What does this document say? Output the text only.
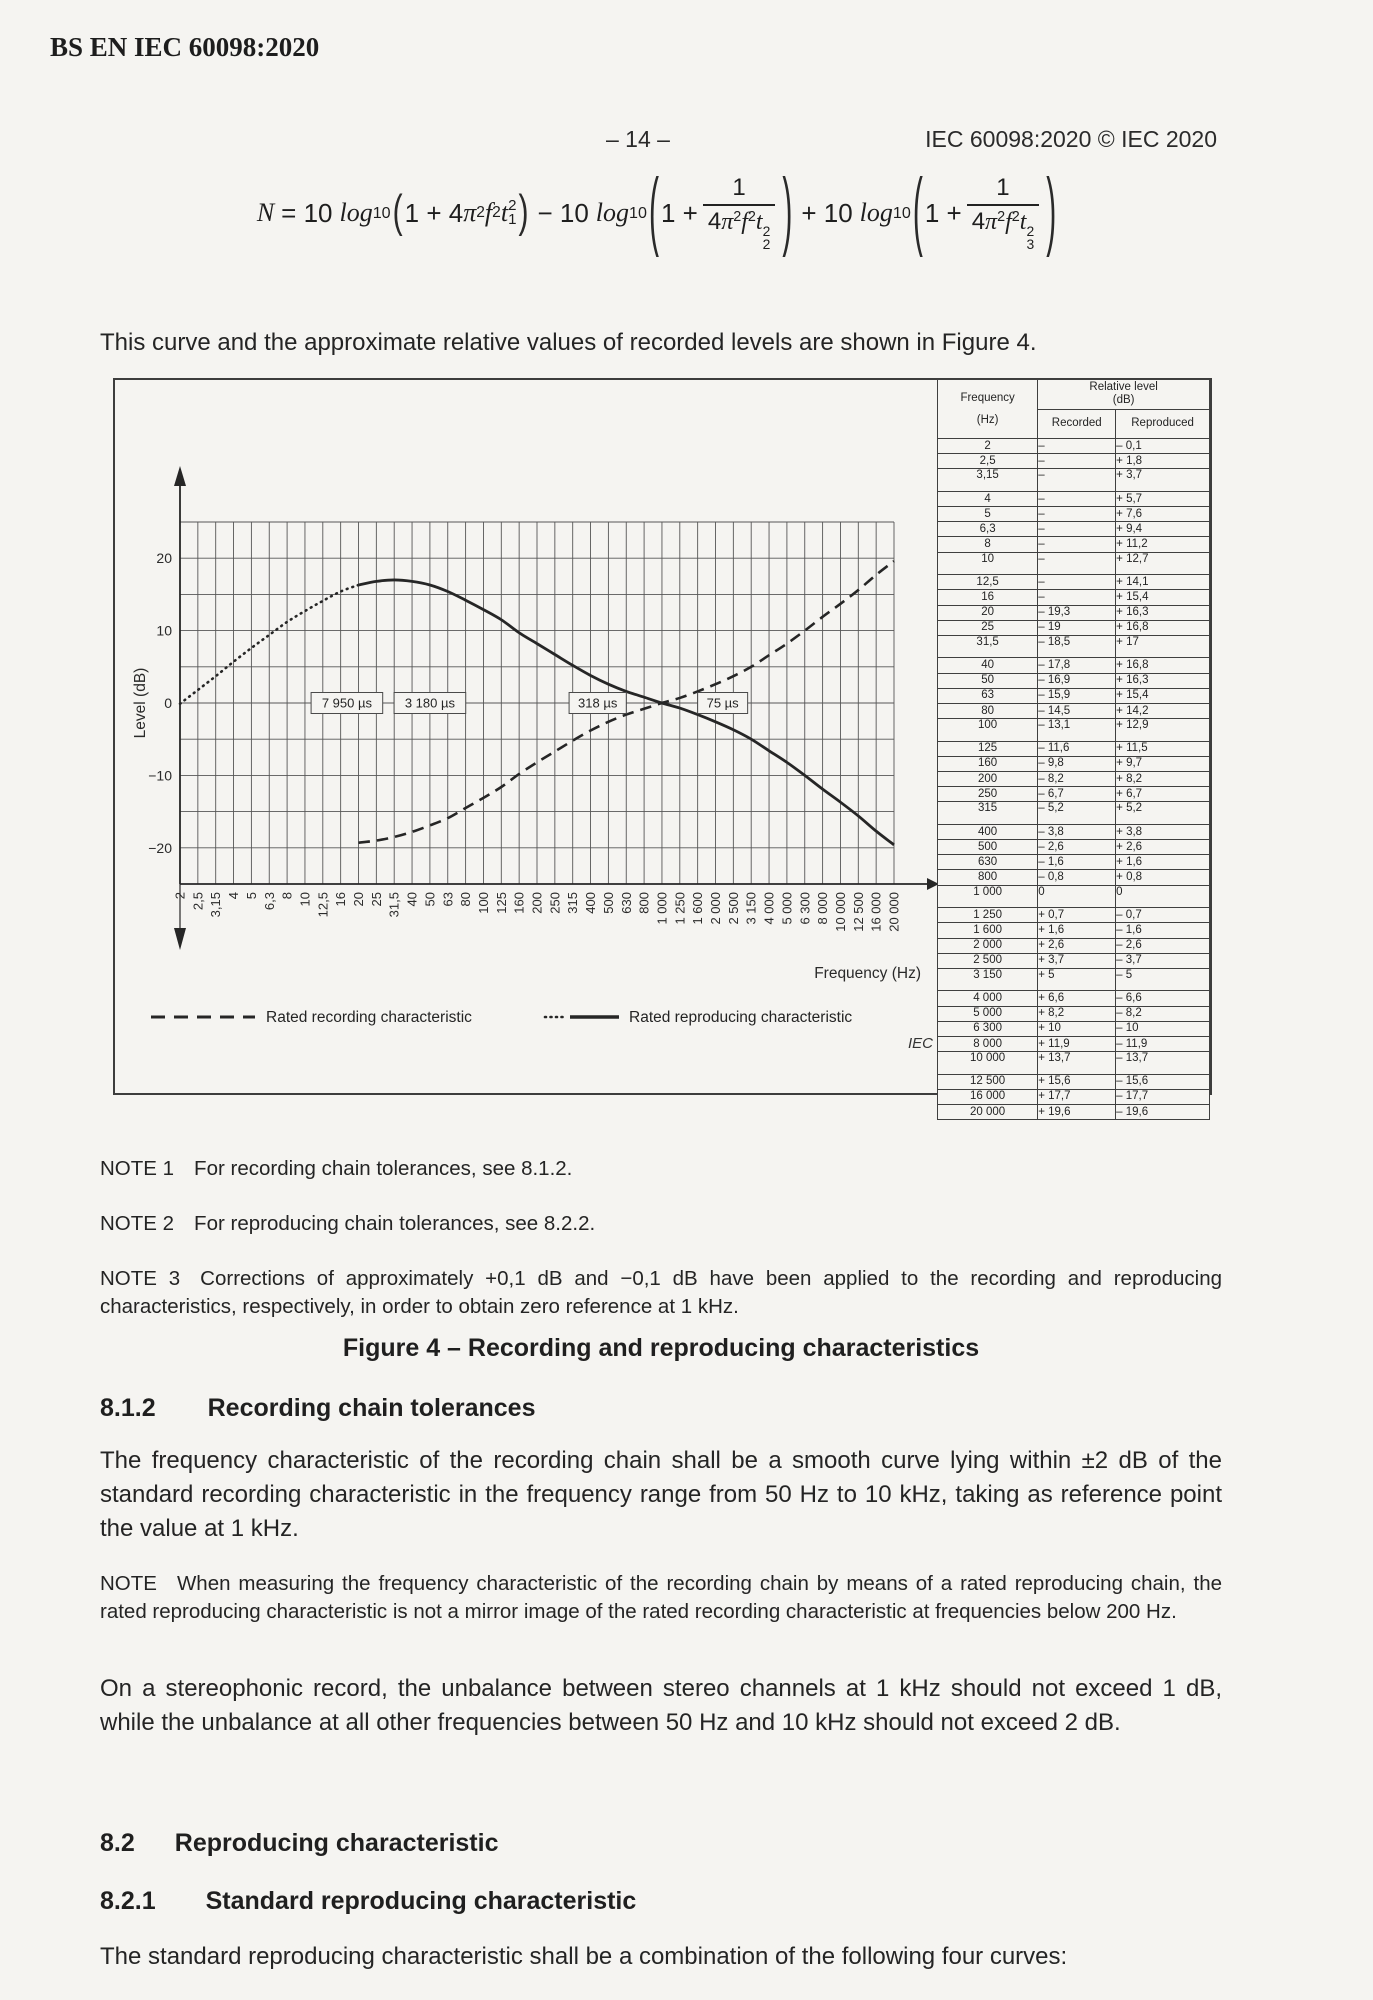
BS EN IEC 60098:2020
– 14 –	IEC 60098:2020 © IEC 2020
N = 10 log 10 ( 1 + 4 π 2 f 2 t 2
1 ) − 10 log 10 ( 1 + 1
$4\pi^2f^2t$ 2
2 ) + 10 log 10 ( 1 + 1
$4\pi^2f^2t$ 2
3 )
This curve and the approximate relative values of recorded levels are shown in Figure 4.
20
10
0
−10
−20
Level (dB)
2 2,5 3,15 4 5 6,3 8 10 12,5 16 20 25 31,5 40 50 63 80 100 125 160 200 250 315 400 500 630 800 1 000 1 250 1 600 2 000 2 500 3 150 4 000 5 000 6 300 8 000 10 000 12 500 16 000 20 000
Frequency (Hz)
7 950 µs	3 180 µs	318 µs	75 µs
Rated recording characteristic	Rated reproducing characteristic
IEC
Frequency
(Hz)

Relative level
(dB)

	Recorded	Reproduced
2	–	– 0,1
2,5	–	+ 1,8
3,15	–	+ 3,7
4	–	+ 5,7
5	–	+ 7,6
6,3	–	+ 9,4
8	–	+ 11,2
10	–	+ 12,7
12,5	–	+ 14,1
16	–	+ 15,4
20	– 19,3	+ 16,3
25	– 19	+ 16,8
31,5	– 18,5	+ 17
40	– 17,8	+ 16,8
50	– 16,9	+ 16,3
63	– 15,9	+ 15,4
80	– 14,5	+ 14,2
100	– 13,1	+ 12,9
125	– 11,6	+ 11,5
160	– 9,8	+ 9,7
200	– 8,2	+ 8,2
250	– 6,7	+ 6,7
315	– 5,2	+ 5,2
400	– 3,8	+ 3,8
500	– 2,6	+ 2,6
630	– 1,6	+ 1,6
800	– 0,8	+ 0,8
1 000	0	0
1 250	+ 0,7	– 0,7
1 600	+ 1,6	– 1,6
2 000	+ 2,6	– 2,6
2 500	+ 3,7	– 3,7
3 150	+ 5	– 5
4 000	+ 6,6	– 6,6
5 000	+ 8,2	– 8,2
6 300	+ 10	– 10
8 000	+ 11,9	– 11,9
10 000	+ 13,7	– 13,7
12 500	+ 15,6	– 15,6
16 000	+ 17,7	– 17,7
20 000	+ 19,6	– 19,6
NOTE 1 For recording chain tolerances, see 8.1.2.
NOTE 2 For reproducing chain tolerances, see 8.2.2.
NOTE 3 Corrections of approximately +0,1 dB and −0,1 dB have been applied to the recording and reproducing characteristics, respectively, in order to obtain zero reference at 1 kHz.
Figure 4 – Recording and reproducing characteristics
8.1.2 Recording chain tolerances
The frequency characteristic of the recording chain shall be a smooth curve lying within ±2 dB of the standard recording characteristic in the frequency range from 50 Hz to 10 kHz, taking as reference point the value at 1 kHz.
NOTE When measuring the frequency characteristic of the recording chain by means of a rated reproducing chain, the rated reproducing characteristic is not a mirror image of the rated recording characteristic at frequencies below 200 Hz.
On a stereophonic record, the unbalance between stereo channels at 1 kHz should not exceed 1 dB, while the unbalance at all other frequencies between 50 Hz and 10 kHz should not exceed 2 dB.
8.2 Reproducing characteristic
8.2.1 Standard reproducing characteristic
The standard reproducing characteristic shall be a combination of the following four curves:
